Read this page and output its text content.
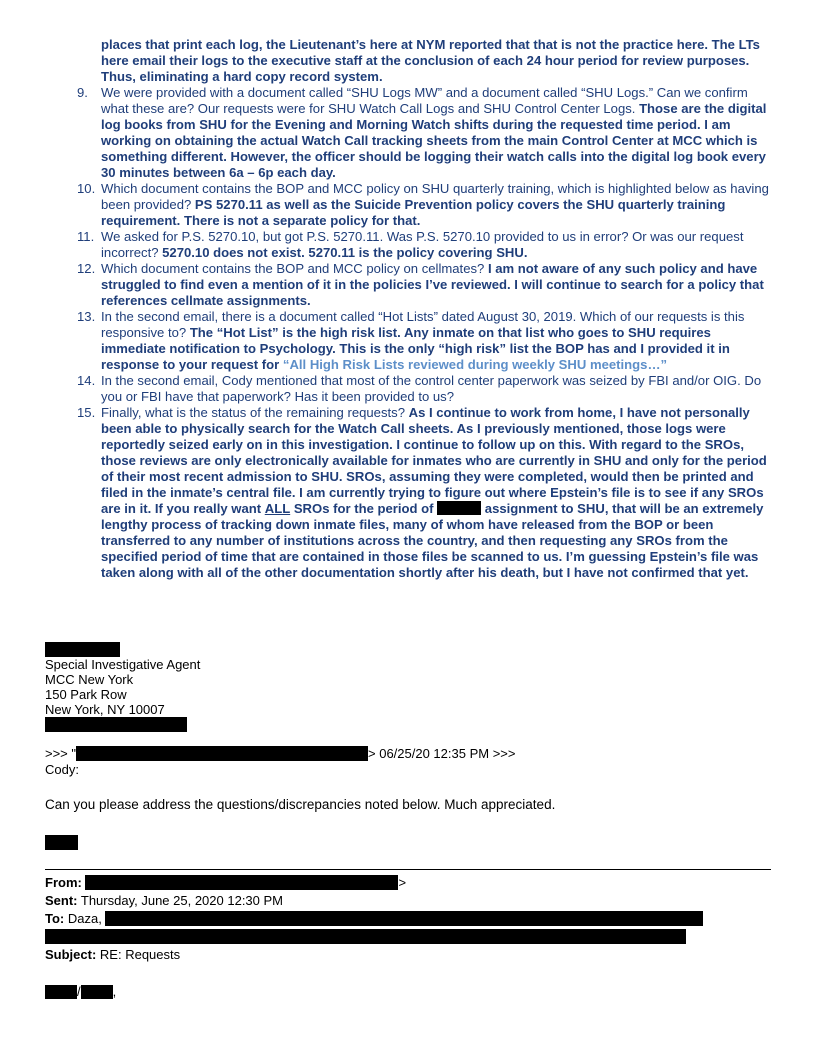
places that print each log, the Lieutenant’s here at NYM reported that that is not the practice here. The LTs here email their logs to the executive staff at the conclusion of each 24 hour period for review purposes. Thus, eliminating a hard copy record system.
9. We were provided with a document called “SHU Logs MW” and a document called “SHU Logs.” Can we confirm what these are? Our requests were for SHU Watch Call Logs and SHU Control Center Logs. Those are the digital log books from SHU for the Evening and Morning Watch shifts during the requested time period. I am working on obtaining the actual Watch Call tracking sheets from the main Control Center at MCC which is something different. However, the officer should be logging their watch calls into the digital log book every 30 minutes between 6a – 6p each day.
10. Which document contains the BOP and MCC policy on SHU quarterly training, which is highlighted below as having been provided? PS 5270.11 as well as the Suicide Prevention policy covers the SHU quarterly training requirement. There is not a separate policy for that.
11. We asked for P.S. 5270.10, but got P.S. 5270.11. Was P.S. 5270.10 provided to us in error? Or was our request incorrect? 5270.10 does not exist. 5270.11 is the policy covering SHU.
12. Which document contains the BOP and MCC policy on cellmates? I am not aware of any such policy and have struggled to find even a mention of it in the policies I’ve reviewed. I will continue to search for a policy that references cellmate assignments.
13. In the second email, there is a document called “Hot Lists” dated August 30, 2019. Which of our requests is this responsive to? The “Hot List” is the high risk list. Any inmate on that list who goes to SHU requires immediate notification to Psychology. This is the only “high risk” list the BOP has and I provided it in response to your request for “All High Risk Lists reviewed during weekly SHU meetings…”
14. In the second email, Cody mentioned that most of the control center paperwork was seized by FBI and/or OIG. Do you or FBI have that paperwork? Has it been provided to us?
15. Finally, what is the status of the remaining requests? As I continue to work from home, I have not personally been able to physically search for the Watch Call sheets. As I previously mentioned, those logs were reportedly seized early on in this investigation. I continue to follow up on this. With regard to the SROs, those reviews are only electronically available for inmates who are currently in SHU and only for the period of their most recent admission to SHU. SROs, assuming they were completed, would then be printed and filed in the inmate’s central file. I am currently trying to figure out where Epstein’s file is to see if any SROs are in it. If you really want ALL SROs for the period of	assignment to SHU, that will be an extremely lengthy process of tracking down inmate files, many of whom have released from the BOP or been transferred to any number of institutions across the country, and then requesting any SROs from the specified period of time that are contained in those files be scanned to us. I’m guessing Epstein’s file was taken along with all of the other documentation shortly after his death, but I have not confirmed that yet.
Special Investigative Agent
MCC New York
150 Park Row
New York, NY 10007
>>> "	> 06/25/20 12:35 PM >>>
Cody:
Can you please address the questions/discrepancies noted below. Much appreciated.
From:	>
Sent: Thursday, June 25, 2020 12:30 PM
To: Daza,
Subject: RE: Requests
/ ,
